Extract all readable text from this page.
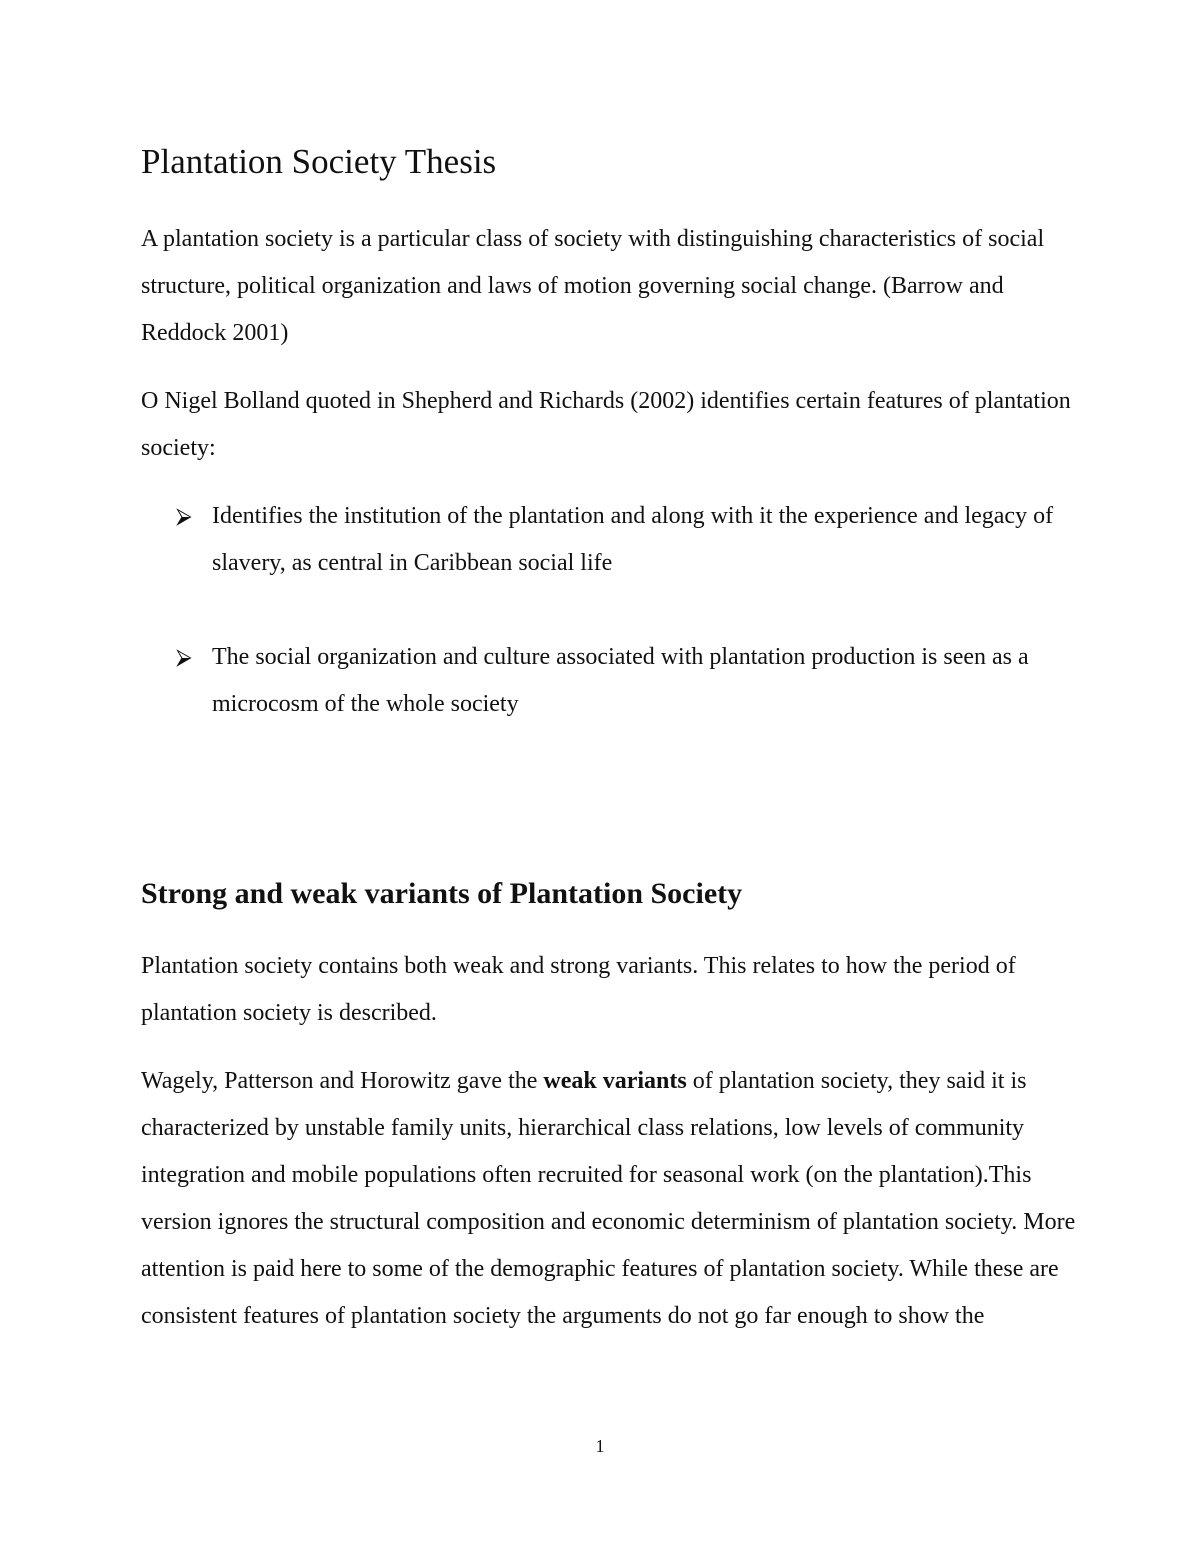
Plantation Society Thesis

A plantation society is a particular class of society with distinguishing characteristics of social structure, political organization and laws of motion governing social change. (Barrow and Reddock 2001)

O Nigel Bolland quoted in Shepherd and Richards (2002) identifies certain features of plantation society:

⮚ Identifies the institution of the plantation and along with it the experience and legacy of slavery, as central in Caribbean social life
⮚ The social organization and culture associated with plantation production is seen as a microcosm of the whole society
Strong and weak variants of Plantation Society

Plantation society contains both weak and strong variants. This relates to how the period of plantation society is described.

Wagely, Patterson and Horowitz gave the weak variants of plantation society, they said it is characterized by unstable family units, hierarchical class relations, low levels of community integration and mobile populations often recruited for seasonal work (on the plantation).This version ignores the structural composition and economic determinism of plantation society. More attention is paid here to some of the demographic features of plantation society. While these are consistent features of plantation society the arguments do not go far enough to show the

1
